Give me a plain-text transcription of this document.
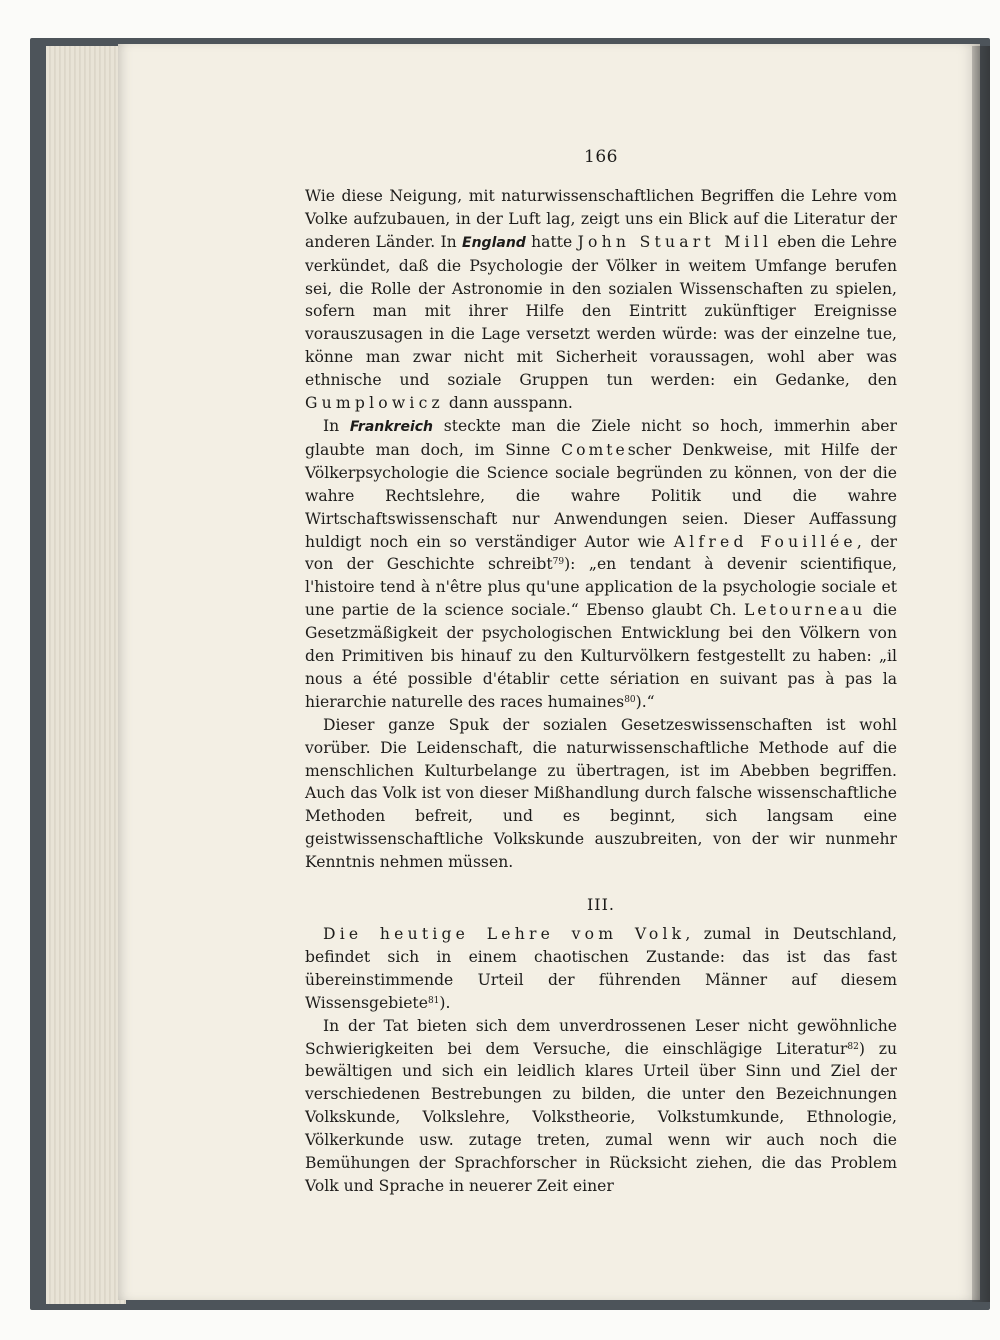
166

Wie diese Neigung, mit naturwissenschaftlichen Begriffen die Lehre vom Volke aufzubauen, in der Luft lag, zeigt uns ein Blick auf die Literatur der anderen Länder. In England hatte John Stuart Mill eben die Lehre verkündet, daß die Psychologie der Völker in weitem Umfange berufen sei, die Rolle der Astronomie in den sozialen Wissenschaften zu spielen, sofern man mit ihrer Hilfe den Eintritt zukünftiger Ereignisse vorauszusagen in die Lage versetzt werden würde: was der einzelne tue, könne man zwar nicht mit Sicherheit voraussagen, wohl aber was ethnische und soziale Gruppen tun werden: ein Gedanke, den Gumplowicz dann ausspann.

In Frankreich steckte man die Ziele nicht so hoch, immerhin aber glaubte man doch, im Sinne Comtescher Denkweise, mit Hilfe der Völkerpsychologie die Science sociale begründen zu können, von der die wahre Rechtslehre, die wahre Politik und die wahre Wirtschaftswissenschaft nur Anwendungen seien. Dieser Auffassung huldigt noch ein so verständiger Autor wie Alfred Fouillée, der von der Geschichte schreibt$^{79}$): „en tendant à devenir scientifique, l'histoire tend à n'être plus qu'une application de la psychologie sociale et une partie de la science sociale.“ Ebenso glaubt Ch. Letourneau die Gesetzmäßigkeit der psychologischen Entwicklung bei den Völkern von den Primitiven bis hinauf zu den Kulturvölkern festgestellt zu haben: „il nous a été possible d'établir cette sériation en suivant pas à pas la hierarchie naturelle des races humaines$^{80}$).“

Dieser ganze Spuk der sozialen Gesetzeswissenschaften ist wohl vorüber. Die Leidenschaft, die naturwissenschaftliche Methode auf die menschlichen Kulturbelange zu übertragen, ist im Abebben begriffen. Auch das Volk ist von dieser Mißhandlung durch falsche wissenschaftliche Methoden befreit, und es beginnt, sich langsam eine geistwissenschaftliche Volkskunde auszubreiten, von der wir nunmehr Kenntnis nehmen müssen.

III.

Die heutige Lehre vom Volk, zumal in Deutschland, befindet sich in einem chaotischen Zustande: das ist das fast übereinstimmende Urteil der führenden Männer auf diesem Wissensgebiete$^{81}$).

In der Tat bieten sich dem unverdrossenen Leser nicht gewöhnliche Schwierigkeiten bei dem Versuche, die einschlägige Literatur$^{82}$) zu bewältigen und sich ein leidlich klares Urteil über Sinn und Ziel der verschiedenen Bestrebungen zu bilden, die unter den Bezeichnungen Volkskunde, Volkslehre, Volkstheorie, Volkstumkunde, Ethnologie, Völkerkunde usw. zutage treten, zumal wenn wir auch noch die Bemühungen der Sprachforscher in Rücksicht ziehen, die das Problem Volk und Sprache in neuerer Zeit einer
